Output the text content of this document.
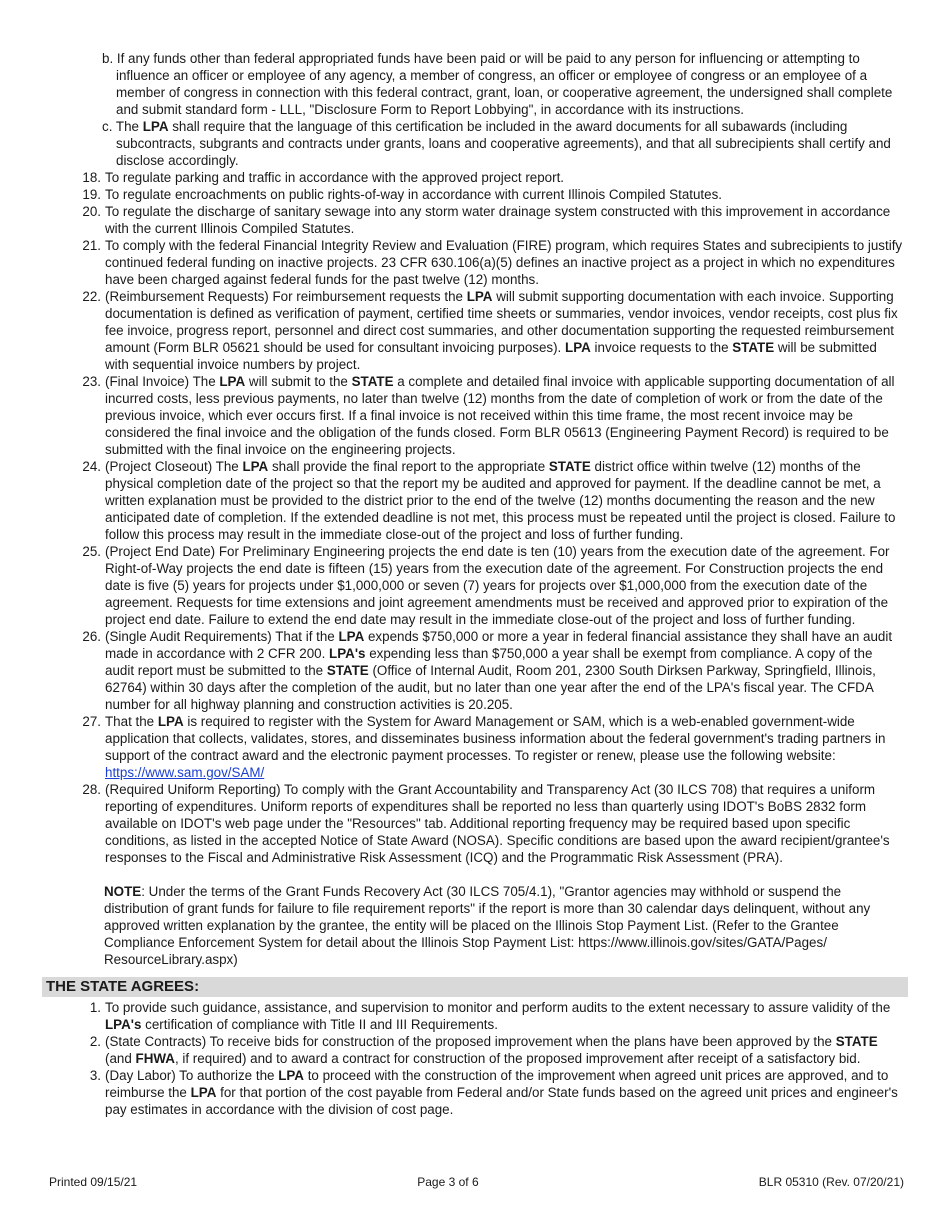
b. If any funds other than federal appropriated funds have been paid or will be paid to any person for influencing or attempting to influence an officer or employee of any agency, a member of congress, an officer or employee of congress or an employee of a member of congress in connection with this federal contract, grant, loan, or cooperative agreement, the undersigned shall complete and submit standard form - LLL, "Disclosure Form to Report Lobbying", in accordance with its instructions.
c. The LPA shall require that the language of this certification be included in the award documents for all subawards (including subcontracts, subgrants and contracts under grants, loans and cooperative agreements), and that all subrecipients shall certify and disclose accordingly.
18. To regulate parking and traffic in accordance with the approved project report.
19. To regulate encroachments on public rights-of-way in accordance with current Illinois Compiled Statutes.
20. To regulate the discharge of sanitary sewage into any storm water drainage system constructed with this improvement in accordance with the current Illinois Compiled Statutes.
21. To comply with the federal Financial Integrity Review and Evaluation (FIRE) program, which requires States and subrecipients to justify continued federal funding on inactive projects. 23 CFR 630.106(a)(5) defines an inactive project as a project in which no expenditures have been charged against federal funds for the past twelve (12) months.
22. (Reimbursement Requests) For reimbursement requests the LPA will submit supporting documentation with each invoice. Supporting documentation is defined as verification of payment, certified time sheets or summaries, vendor invoices, vendor receipts, cost plus fix fee invoice, progress report, personnel and direct cost summaries, and other documentation supporting the requested reimbursement amount (Form BLR 05621 should be used for consultant invoicing purposes). LPA invoice requests to the STATE will be submitted with sequential invoice numbers by project.
23. (Final Invoice) The LPA will submit to the STATE a complete and detailed final invoice with applicable supporting documentation of all incurred costs, less previous payments, no later than twelve (12) months from the date of completion of work or from the date of the previous invoice, which ever occurs first. If a final invoice is not received within this time frame, the most recent invoice may be considered the final invoice and the obligation of the funds closed. Form BLR 05613 (Engineering Payment Record) is required to be submitted with the final invoice on the engineering projects.
24. (Project Closeout) The LPA shall provide the final report to the appropriate STATE district office within twelve (12) months of the physical completion date of the project so that the report my be audited and approved for payment. If the deadline cannot be met, a written explanation must be provided to the district prior to the end of the twelve (12) months documenting the reason and the new anticipated date of completion. If the extended deadline is not met, this process must be repeated until the project is closed. Failure to follow this process may result in the immediate close-out of the project and loss of further funding.
25. (Project End Date) For Preliminary Engineering projects the end date is ten (10) years from the execution date of the agreement. For Right-of-Way projects the end date is fifteen (15) years from the execution date of the agreement. For Construction projects the end date is five (5) years for projects under $1,000,000 or seven (7) years for projects over $1,000,000 from the execution date of the agreement. Requests for time extensions and joint agreement amendments must be received and approved prior to expiration of the project end date. Failure to extend the end date may result in the immediate close-out of the project and loss of further funding.
26. (Single Audit Requirements) That if the LPA expends $750,000 or more a year in federal financial assistance they shall have an audit made in accordance with 2 CFR 200. LPA's expending less than $750,000 a year shall be exempt from compliance. A copy of the audit report must be submitted to the STATE (Office of Internal Audit, Room 201, 2300 South Dirksen Parkway, Springfield, Illinois, 62764) within 30 days after the completion of the audit, but no later than one year after the end of the LPA's fiscal year. The CFDA number for all highway planning and construction activities is 20.205.
27. That the LPA is required to register with the System for Award Management or SAM, which is a web-enabled government-wide application that collects, validates, stores, and disseminates business information about the federal government's trading partners in support of the contract award and the electronic payment processes. To register or renew, please use the following website:
https://www.sam.gov/SAM/
28. (Required Uniform Reporting) To comply with the Grant Accountability and Transparency Act (30 ILCS 708) that requires a uniform reporting of expenditures. Uniform reports of expenditures shall be reported no less than quarterly using IDOT's BoBS 2832 form available on IDOT's web page under the "Resources" tab. Additional reporting frequency may be required based upon specific conditions, as listed in the accepted Notice of State Award (NOSA). Specific conditions are based upon the award recipient/grantee's responses to the Fiscal and Administrative Risk Assessment (ICQ) and the Programmatic Risk Assessment (PRA).
NOTE: Under the terms of the Grant Funds Recovery Act (30 ILCS 705/4.1), "Grantor agencies may withhold or suspend the distribution of grant funds for failure to file requirement reports" if the report is more than 30 calendar days delinquent, without any approved written explanation by the grantee, the entity will be placed on the Illinois Stop Payment List. (Refer to the Grantee Compliance Enforcement System for detail about the Illinois Stop Payment List: https://www.illinois.gov/sites/GATA/Pages/ ResourceLibrary.aspx)
THE STATE AGREES:
1. To provide such guidance, assistance, and supervision to monitor and perform audits to the extent necessary to assure validity of the LPA's certification of compliance with Title II and III Requirements.
2. (State Contracts) To receive bids for construction of the proposed improvement when the plans have been approved by the STATE (and FHWA, if required) and to award a contract for construction of the proposed improvement after receipt of a satisfactory bid.
3. (Day Labor) To authorize the LPA to proceed with the construction of the improvement when agreed unit prices are approved, and to reimburse the LPA for that portion of the cost payable from Federal and/or State funds based on the agreed unit prices and engineer's pay estimates in accordance with the division of cost page.
Printed 09/15/21	Page 3 of 6	BLR 05310 (Rev. 07/20/21)
